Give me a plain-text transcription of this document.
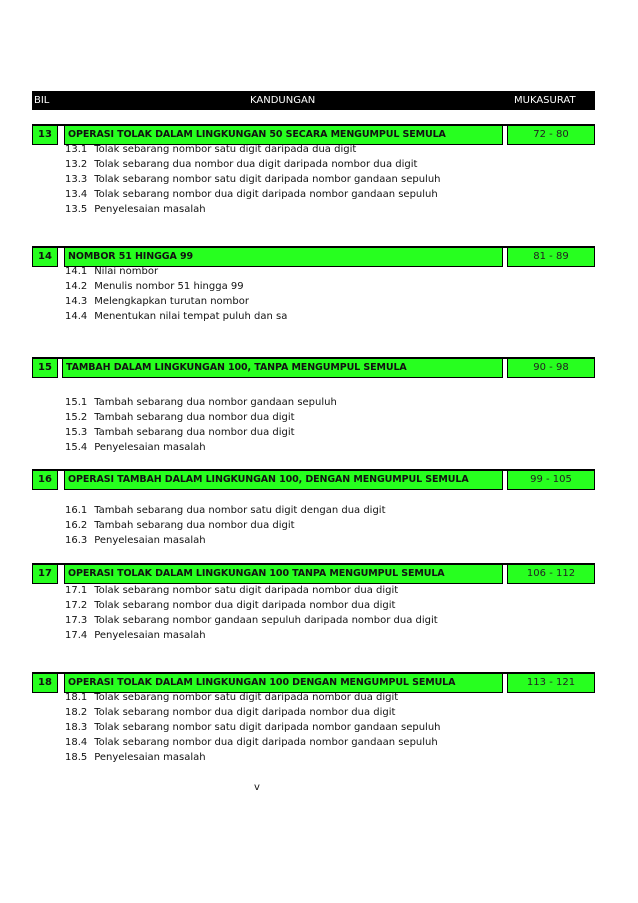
BIL	KANDUNGAN	MUKASURAT
13	OPERASI TOLAK DALAM LINGKUNGAN 50 SECARA MENGUMPUL SEMULA	72 - 80
13.1 Tolak sebarang nombor satu digit daripada dua digit
13.2 Tolak sebarang dua nombor dua digit daripada nombor dua digit
13.3 Tolak sebarang nombor satu digit daripada nombor gandaan sepuluh
13.4 Tolak sebarang nombor dua digit daripada nombor gandaan sepuluh
13.5 Penyelesaian masalah
14	NOMBOR 51 HINGGA 99	81 - 89
14.1 Nilai nombor
14.2 Menulis nombor 51 hingga 99
14.3 Melengkapkan turutan nombor
14.4 Menentukan nilai tempat puluh dan sa
15	TAMBAH DALAM LINGKUNGAN 100, TANPA MENGUMPUL SEMULA	90 - 98
15.1 Tambah sebarang dua nombor gandaan sepuluh
15.2 Tambah sebarang dua nombor dua digit
15.3 Tambah sebarang dua nombor dua digit
15.4 Penyelesaian masalah
16	OPERASI TAMBAH DALAM LINGKUNGAN 100, DENGAN MENGUMPUL SEMULA	99 - 105
16.1 Tambah sebarang dua nombor satu digit dengan dua digit
16.2 Tambah sebarang dua nombor dua digit
16.3 Penyelesaian masalah
17	OPERASI TOLAK DALAM LINGKUNGAN 100 TANPA MENGUMPUL SEMULA	106 - 112
17.1 Tolak sebarang nombor satu digit daripada nombor dua digit
17.2 Tolak sebarang nombor dua digit daripada nombor dua digit
17.3 Tolak sebarang nombor gandaan sepuluh daripada nombor dua digit
17.4 Penyelesaian masalah
18	OPERASI TOLAK DALAM LINGKUNGAN 100 DENGAN MENGUMPUL SEMULA	113 - 121
18.1 Tolak sebarang nombor satu digit daripada nombor dua digit
18.2 Tolak sebarang nombor dua digit daripada nombor dua digit
18.3 Tolak sebarang nombor satu digit daripada nombor gandaan sepuluh
18.4 Tolak sebarang nombor dua digit daripada nombor gandaan sepuluh
18.5 Penyelesaian masalah
v
